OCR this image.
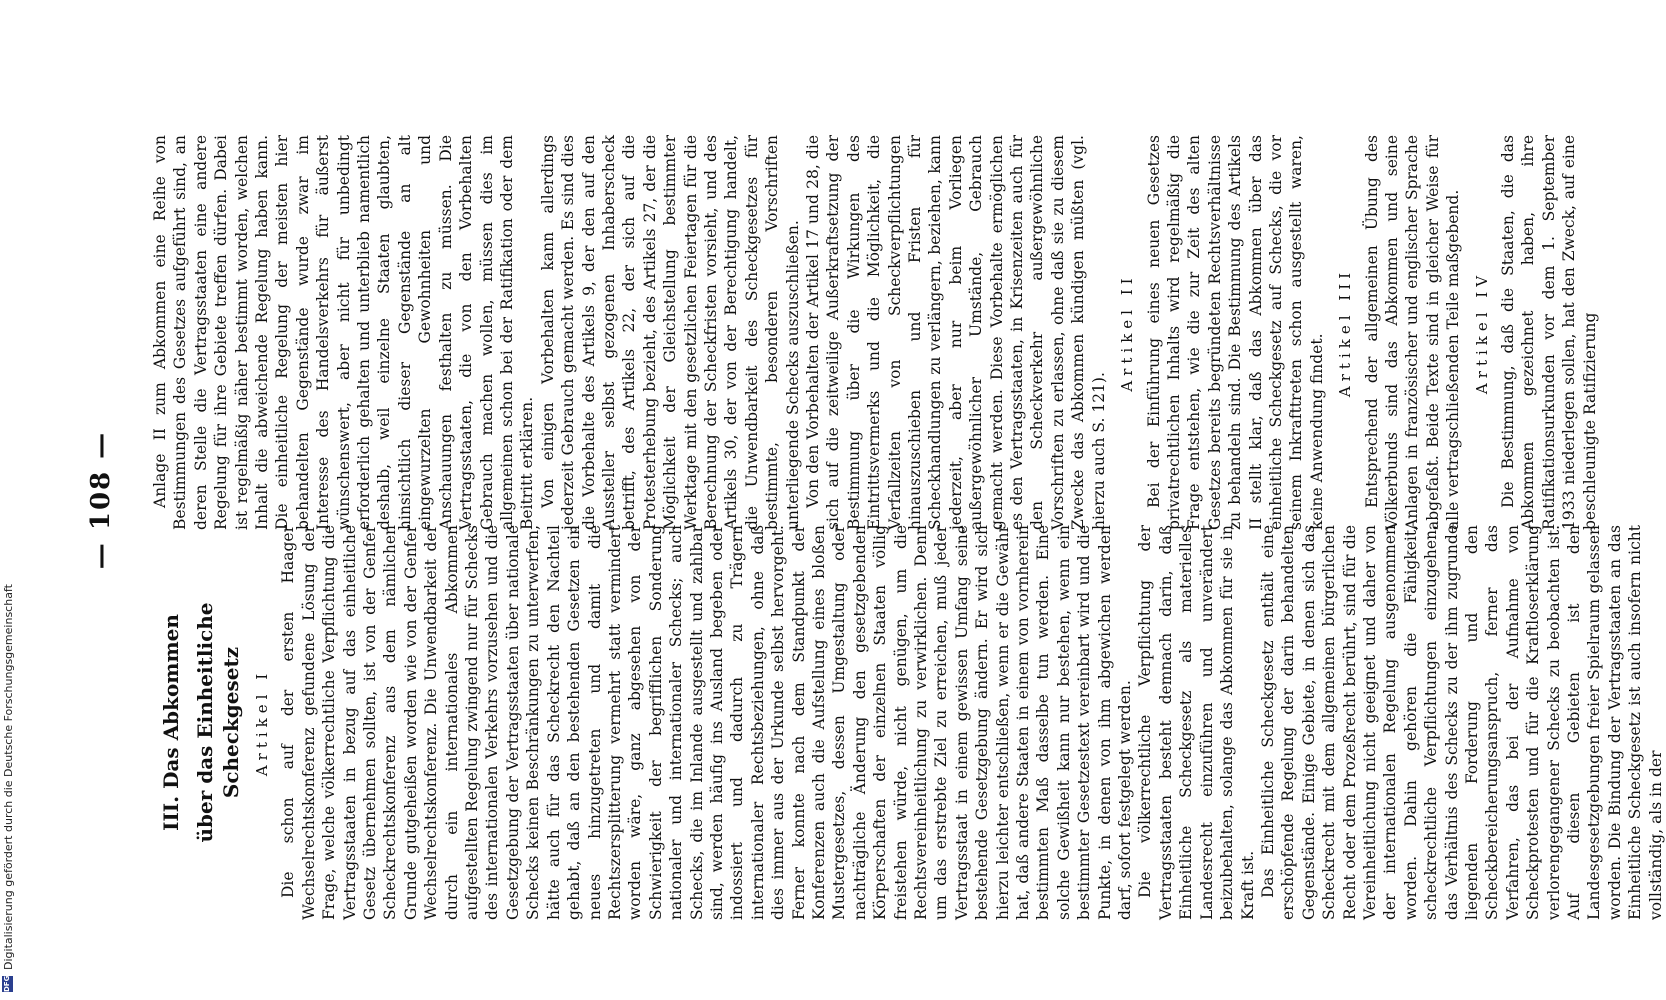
DFG
Digitalisierung gefördert durch die Deutsche Forschungsgemeinschaft
— 108 —
III. Das Abkommen über das Einheitliche Scheckgesetz Artikel I Die schon auf der ersten Haager Wechselrechtskonferenz gefundene Lösung der Frage, welche völkerrechtliche Verpflichtung die Vertragsstaaten in bezug auf das einheitliche Gesetz übernehmen sollten, ist von der Genfer Scheckrechtskonferenz aus dem nämlichen Grunde gutgeheißen worden wie von der Genfer Wechselrechtskonferenz. Die Unwendbarkeit der durch ein internationales Abkommen aufgestellten Regelung zwingend nur für Schecks des internationalen Verkehrs vorzusehen und die Gesetzgebung der Vertragsstaaten über nationale Schecks keinen Beschränkungen zu unterwerfen, hätte auch für das Scheckrecht den Nachteil gehabt, daß an den bestehenden Gesetzen ein neues hinzugetreten und damit die Rechtszersplitterung vermehrt statt vermindert worden wäre, ganz abgesehen von der Schwierigkeit der begrifflichen Sonderung nationaler und internationaler Schecks; auch Schecks, die im Inlande ausgestellt und zahlbar sind, werden häufig ins Ausland begeben oder indossiert und dadurch zu Trägern internationaler Rechtsbeziehungen, ohne daß dies immer aus der Urkunde selbst hervorgeht. Ferner konnte nach dem Standpunkt der Konferenzen auch die Aufstellung eines bloßen Mustergesetzes, dessen Umgestaltung oder nachträgliche Änderung den gesetzgebenden Körperschaften der einzelnen Staaten völlig freistehen würde, nicht genügen, um die Rechtsvereinheitlichung zu verwirklichen. Denn um das erstrebte Ziel zu erreichen, muß jeder Vertragsstaat in einem gewissen Umfang seine bestehende Gesetzgebung ändern. Er wird sich hierzu leichter entschließen, wenn er die Gewähr hat, daß andere Staaten in einem von vornherein bestimmten Maß dasselbe tun werden. Eine solche Gewißheit kann nur bestehen, wenn ein bestimmter Gesetzestext vereinbart wird und die Punkte, in denen von ihm abgewichen werden darf, sofort festgelegt werden. Die völkerrechtliche Verpflichtung der Vertragsstaaten besteht demnach darin, daß Einheitliche Scheckgesetz als materielles Landesrecht einzuführen und unverändert beizubehalten, solange das Abkommen für sie in Kraft ist. Das Einheitliche Scheckgesetz enthält eine erschöpfende Regelung der darin behandelten Gegenstände. Einige Gebiete, in denen sich das Scheckrecht mit dem allgemeinen bürgerlichen Recht oder dem Prozeßrecht berührt, sind für die Vereinheitlichung nicht geeignet und daher von der internationalen Regelung ausgenommen worden. Dahin gehören die Fähigkeit, scheckrechtliche Verpflichtungen einzugehen, das Verhältnis des Schecks zu der ihm zugrunde liegenden Forderung und den Scheckbereicherungsanspruch, ferner das Verfahren, das bei der Aufnahme von Scheckprotesten und für die Kraftloserklärung verlorengegangener Schecks zu beobachten ist. Auf diesen Gebieten ist den Landesgesetzgebungen freier Spielraum gelassen worden. Die Bindung der Vertragsstaaten an das Einheitliche Scheckgesetz ist auch insofern nicht vollständig, als in der

Anlage II zum Abkommen eine Reihe von Bestimmungen des Gesetzes aufgeführt sind, an deren Stelle die Vertragsstaaten eine andere Regelung für ihre Gebiete treffen dürfen. Dabei ist regelmäßig näher bestimmt worden, welchen Inhalt die abweichende Regelung haben kann. Die einheitliche Regelung der meisten hier behandelten Gegenstände wurde zwar im Interesse des Handelsverkehrs für äußerst wünschenswert, aber nicht für unbedingt erforderlich gehalten und unterblieb namentlich deshalb, weil einzelne Staaten glaubten, hinsichtlich dieser Gegenstände an alt eingewurzelten Gewohnheiten und Anschauungen festhalten zu müssen. Die Vertragsstaaten, die von den Vorbehalten Gebrauch machen wollen, müssen dies im allgemeinen schon bei der Ratifikation oder dem Beitritt erklären. Von einigen Vorbehalten kann allerdings jederzeit Gebrauch gemacht werden. Es sind dies die Vorbehalte des Artikels 9, der den auf den Aussteller selbst gezogenen Inhaberscheck betrifft, des Artikels 22, der sich auf die Protesterhebung bezieht, des Artikels 27, der die Möglichkeit der Gleichstellung bestimmter Werktage mit den gesetzlichen Feiertagen für die Berechnung der Scheckfristen vorsieht, und des Artikels 30, der von der Berechtigung handelt, die Unwendbarkeit des Scheckgesetzes für bestimmte, besonderen Vorschriften unterliegende Schecks auszuschließen. Von den Vorbehalten der Artikel 17 und 28, die sich auf die zeitweilige Außerkraftsetzung der Bestimmung über die Wirkungen des Eintrittsvermerks und die Möglichkeit, die Verfallzeiten von Scheckverpflichtungen hinauszuschieben und Fristen für Scheckhandlungen zu verlängern, beziehen, kann jederzeit, aber nur beim Vorliegen außergewöhnlicher Umstände, Gebrauch gemacht werden. Diese Vorbehalte ermöglichen es den Vertragsstaaten, in Krisenzeiten auch für den Scheckverkehr außergewöhnliche Vorschriften zu erlassen, ohne daß sie zu diesem Zwecke das Abkommen kündigen müßten (vgl. hierzu auch S. 121).

Artikel II Bei der Einführung eines neuen Gesetzes privatrechtlichen Inhalts wird regelmäßig die Frage entstehen, wie die zur Zeit des alten Gesetzes bereits begründeten Rechtsverhältnisse zu behandeln sind. Die Bestimmung des Artikels II stellt klar, daß das Abkommen über das einheitliche Scheckgesetz auf Schecks, die vor seinem Inkrafttreten schon ausgestellt waren, keine Anwendung findet.

Artikel III Entsprechend der allgemeinen Übung des Völkerbunds sind das Abkommen und seine Anlagen in französischer und englischer Sprache abgefaßt. Beide Texte sind in gleicher Weise für alle vertragschließenden Teile maßgebend. Artikel IV Die Bestimmung, daß die Staaten, die das Abkommen gezeichnet haben, ihre Ratifikationsurkunden vor dem 1. September 1933 niederlegen sollen, hat den Zweck, auf eine beschleunigte Ratifizierung
